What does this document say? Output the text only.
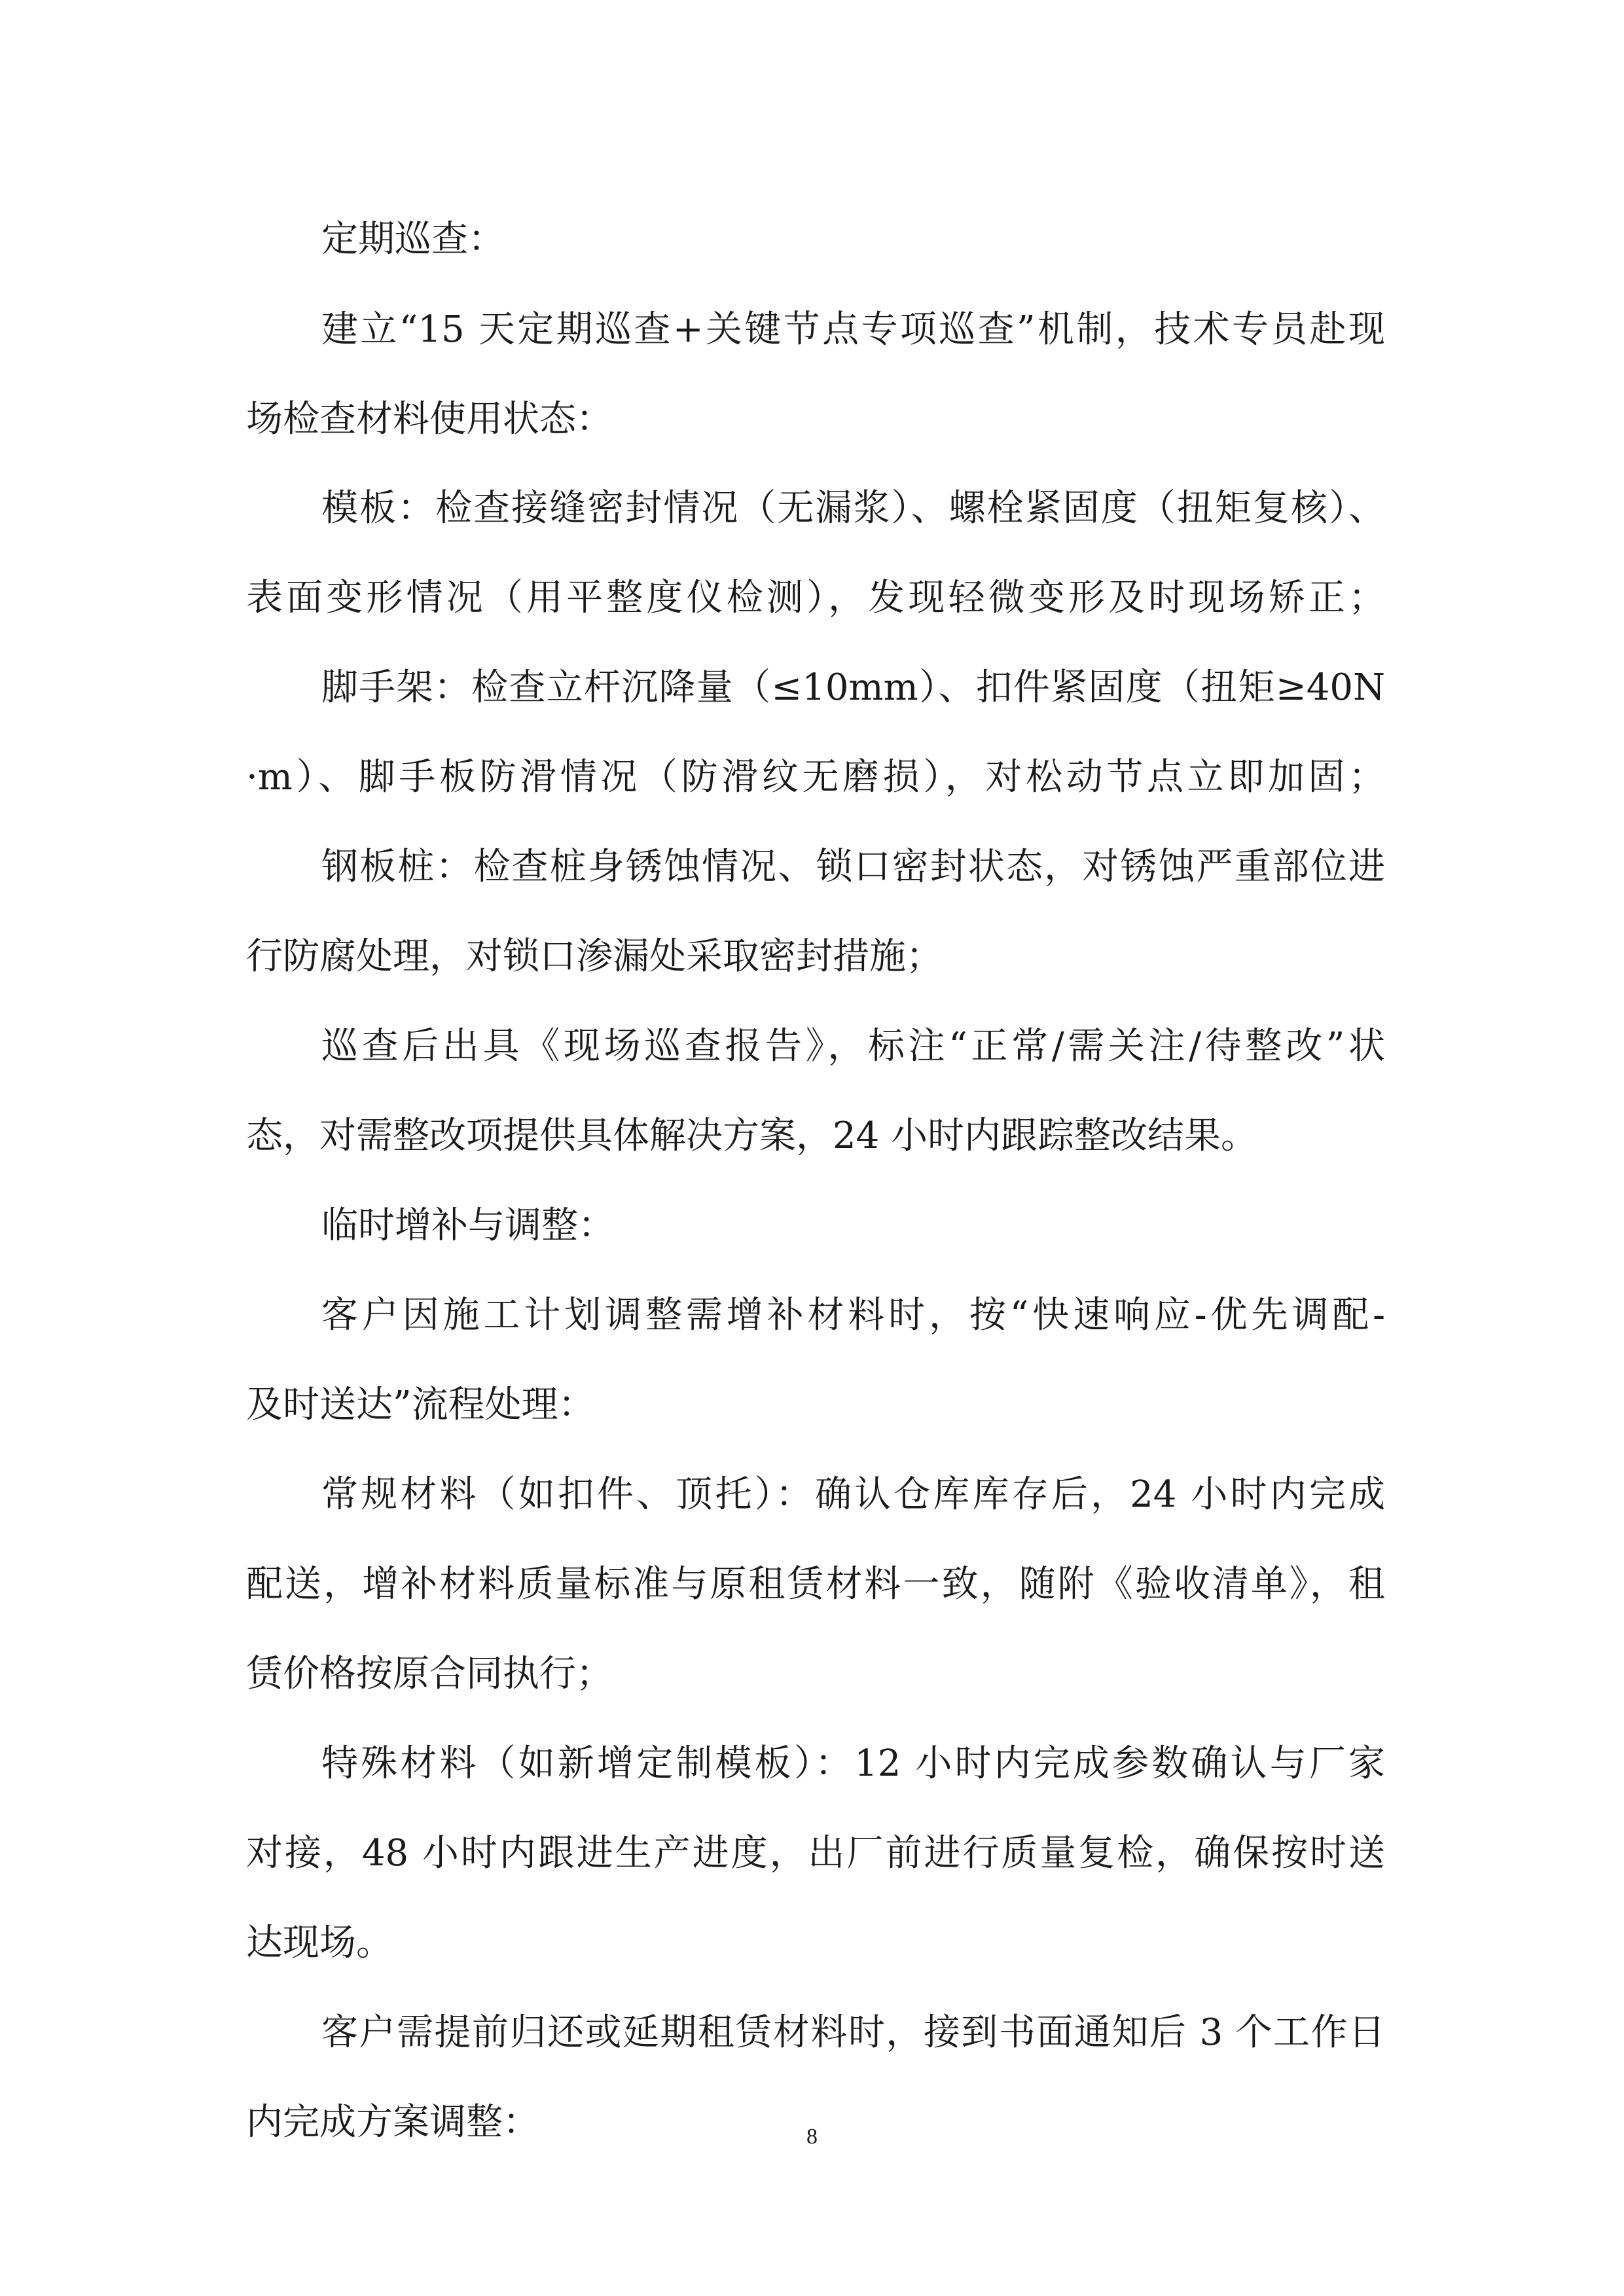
定期巡查：

建立“15 天定期巡查+关键节点专项巡查”机制，技术专员赴现

场检查材料使用状态：

模板：检查接缝密封情况（无漏浆）、螺栓紧固度（扭矩复核）、

表面变形情况（用平整度仪检测），发现轻微变形及时现场矫正；

脚手架：检查立杆沉降量（≤10mm）、扣件紧固度（扭矩≥40N

·m）、脚手板防滑情况（防滑纹无磨损），对松动节点立即加固；

钢板桩：检查桩身锈蚀情况、锁口密封状态，对锈蚀严重部位进

行防腐处理，对锁口渗漏处采取密封措施；

巡查后出具《现场巡查报告》，标注“正常/需关注/待整改”状

态，对需整改项提供具体解决方案，24 小时内跟踪整改结果。

临时增补与调整：

客户因施工计划调整需增补材料时，按“快速响应-优先调配-

及时送达”流程处理：

常规材料（如扣件、顶托）：确认仓库库存后，24 小时内完成

配送，增补材料质量标准与原租赁材料一致，随附《验收清单》，租

赁价格按原合同执行；

特殊材料（如新增定制模板）：12 小时内完成参数确认与厂家

对接，48 小时内跟进生产进度，出厂前进行质量复检，确保按时送

达现场。

客户需提前归还或延期租赁材料时，接到书面通知后 3 个工作日

内完成方案调整：	8
